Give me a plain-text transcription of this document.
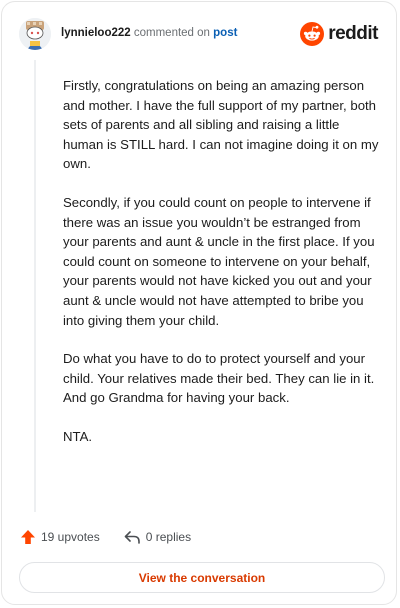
lynnieloo222 commented on post	reddit

Firstly, congratulations on being an amazing person and mother. I have the full support of my partner, both sets of parents and all sibling and raising a little human is STILL hard. I can not imagine doing it on my own.

Secondly, if you could count on people to intervene if there was an issue you wouldn’t be estranged from your parents and aunt & uncle in the first place. If you could count on someone to intervene on your behalf, your parents would not have kicked you out and your aunt & uncle would not have attempted to bribe you into giving them your child.

Do what you have to do to protect yourself and your child. Your relatives made their bed. They can lie in it. And go Grandma for having your back.

NTA.

19 upvotes	0 replies
View the conversation
